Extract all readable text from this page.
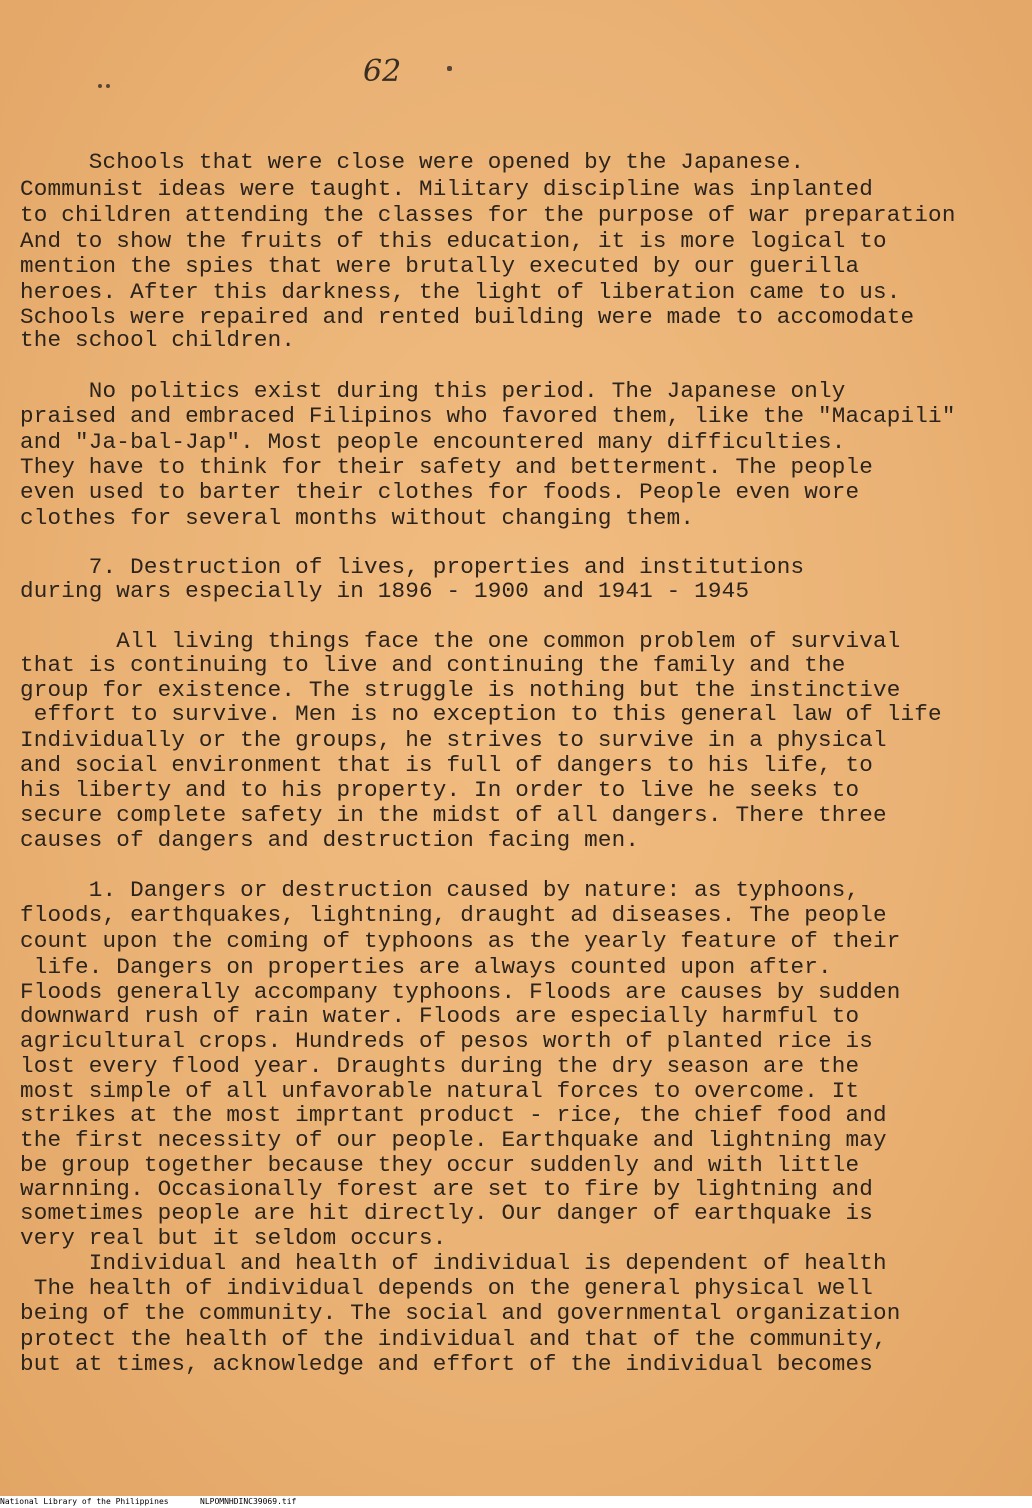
62
Schools that were close were opened by the Japanese.
Communist ideas were taught. Military discipline was inplanted
to children attending the classes for the purpose of war preparation
And to show the fruits of this education, it is more logical to
mention the spies that were brutally executed by our guerilla
heroes. After this darkness, the light of liberation came to us.
Schools were repaired and rented building were made to accomodate
the school children.
No politics exist during this period. The Japanese only
praised and embraced Filipinos who favored them, like the "Macapili"
and "Ja-bal-Jap". Most people encountered many difficulties.
They have to think for their safety and betterment. The people
even used to barter their clothes for foods. People even wore
clothes for several months without changing them.
7. Destruction of lives, properties and institutions
during wars especially in 1896 - 1900 and 1941 - 1945
All living things face the one common problem of survival
that is continuing to live and continuing the family and the
group for existence. The struggle is nothing but the instinctive
effort to survive. Men is no exception to this general law of life
Individually or the groups, he strives to survive in a physical
and social environment that is full of dangers to his life, to
his liberty and to his property. In order to live he seeks to
secure complete safety in the midst of all dangers. There three
causes of dangers and destruction facing men.
1. Dangers or destruction caused by nature: as typhoons,
floods, earthquakes, lightning, draught ad diseases. The people
count upon the coming of typhoons as the yearly feature of their
life. Dangers on properties are always counted upon after.
Floods generally accompany typhoons. Floods are causes by sudden
downward rush of rain water. Floods are especially harmful to
agricultural crops. Hundreds of pesos worth of planted rice is
lost every flood year. Draughts during the dry season are the
most simple of all unfavorable natural forces to overcome. It
strikes at the most imprtant product - rice, the chief food and
the first necessity of our people. Earthquake and lightning may
be group together because they occur suddenly and with little
warnning. Occasionally forest are set to fire by lightning and
sometimes people are hit directly. Our danger of earthquake is
very real but it seldom occurs.
Individual and health of individual is dependent of health
The health of individual depends on the general physical well
being of the community. The social and governmental organization
protect the health of the individual and that of the community,
but at times, acknowledge and effort of the individual becomes
National Library of the Philippines	NLPOMNHDINC39069.tif
